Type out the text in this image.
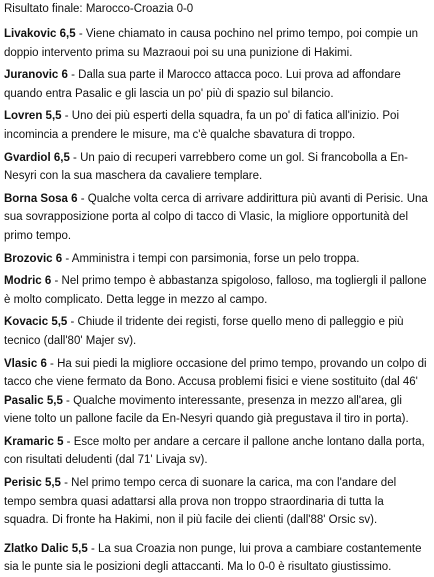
Risultato finale: Marocco-Croazia 0-0
Livakovic 6,5 - Viene chiamato in causa pochino nel primo tempo, poi compie un doppio intervento prima su Mazraoui poi su una punizione di Hakimi.
Juranovic 6 - Dalla sua parte il Marocco attacca poco. Lui prova ad affondare quando entra Pasalic e gli lascia un po' più di spazio sul bilancio.
Lovren 5,5 - Uno dei più esperti della squadra, fa un po' di fatica all'inizio. Poi incomincia a prendere le misure, ma c'è qualche sbavatura di troppo.
Gvardiol 6,5 - Un paio di recuperi varrebbero come un gol. Si francobolla a En-Nesyri con la sua maschera da cavaliere templare.
Borna Sosa 6 - Qualche volta cerca di arrivare addirittura più avanti di Perisic. Una sua sovrapposizione porta al colpo di tacco di Vlasic, la migliore opportunità del primo tempo.
Brozovic 6 - Amministra i tempi con parsimonia, forse un pelo troppa.
Modric 6 - Nel primo tempo è abbastanza spigoloso, falloso, ma togliergli il pallone è molto complicato. Detta legge in mezzo al campo.
Kovacic 5,5 - Chiude il tridente dei registi, forse quello meno di palleggio e più tecnico (dall'80' Majer sv).
Vlasic 6 - Ha sui piedi la migliore occasione del primo tempo, provando un colpo di tacco che viene fermato da Bono. Accusa problemi fisici e viene sostituito (dal 46' Pasalic 5,5 - Qualche movimento interessante, presenza in mezzo all'area, gli viene tolto un pallone facile da En-Nesyri quando già pregustava il tiro in porta).
Kramaric 5 - Esce molto per andare a cercare il pallone anche lontano dalla porta, con risultati deludenti (dal 71' Livaja sv).
Perisic 5,5 - Nel primo tempo cerca di suonare la carica, ma con l'andare del tempo sembra quasi adattarsi alla prova non troppo straordinaria di tutta la squadra. Di fronte ha Hakimi, non il più facile dei clienti (dall'88' Orsic sv).
Zlatko Dalic 5,5 - La sua Croazia non punge, lui prova a cambiare costantemente sia le punte sia le posizioni degli attaccanti. Ma lo 0-0 è risultato giustissimo.
